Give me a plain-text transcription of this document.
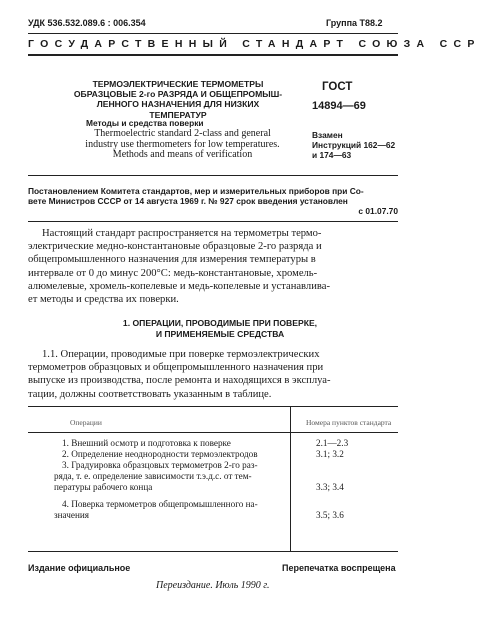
УДК 536.532.089.6 : 006.354	Группа Т88.2
ГОСУДАРСТВЕННЫЙ СТАНДАРТ СОЮЗА ССР
ТЕРМОЭЛЕКТРИЧЕСКИЕ ТЕРМОМЕТРЫ
ОБРАЗЦОВЫЕ 2-го РАЗРЯДА И ОБЩЕПРОМЫШ-
ЛЕННОГО НАЗНАЧЕНИЯ ДЛЯ НИЗКИХ
ТЕМПЕРАТУР
Методы и средства поверки
Thermoelectric standard 2-class and general
industry use thermometers for low temperatures.
Methods and means of verification
ГОСТ
14894—69
Взамен
Инструкций 162—62
и 174—63
Постановлением Комитета стандартов, мер и измерительных приборов при Со-
вете Министров СССР от 14 августа 1969 г. № 927 срок введения установлен
с 01.07.70
Настоящий стандарт распространяется на термометры термо-
электрические медно-константановые образцовые 2-го разряда и
общепромышленного назначения для измерения температуры в
интервале от 0 до минус 200°С: медь-константановые, хромель-
алюмелевые, хромель-копелевые и медь-копелевые и устанавлива-
ет методы и средства их поверки.
1. ОПЕРАЦИИ, ПРОВОДИМЫЕ ПРИ ПОВЕРКЕ,
И ПРИМЕНЯЕМЫЕ СРЕДСТВА
1.1. Операции, проводимые при поверке термоэлектрических
термометров образцовых и общепромышленного назначения при
выпуске из производства, после ремонта и находящихся в эксплуа-
тации, должны соответствовать указанным в таблице.
Операции	Номера пунктов стандарта
1. Внешний осмотр и подготовка к поверке	2.1—2.3
2. Определение неоднородности термоэлектродов	3.1; 3.2
3. Градуировка образцовых термометров 2-го раз-
ряда, т. е. определение зависимости т.э.д.с. от тем-
пературы рабочего конца	3.3; 3.4
4. Поверка термометров общепромышленного на-
значения	3.5; 3.6
Издание официальное	Перепечатка воспрещена
Переиздание. Июль 1990 г.
